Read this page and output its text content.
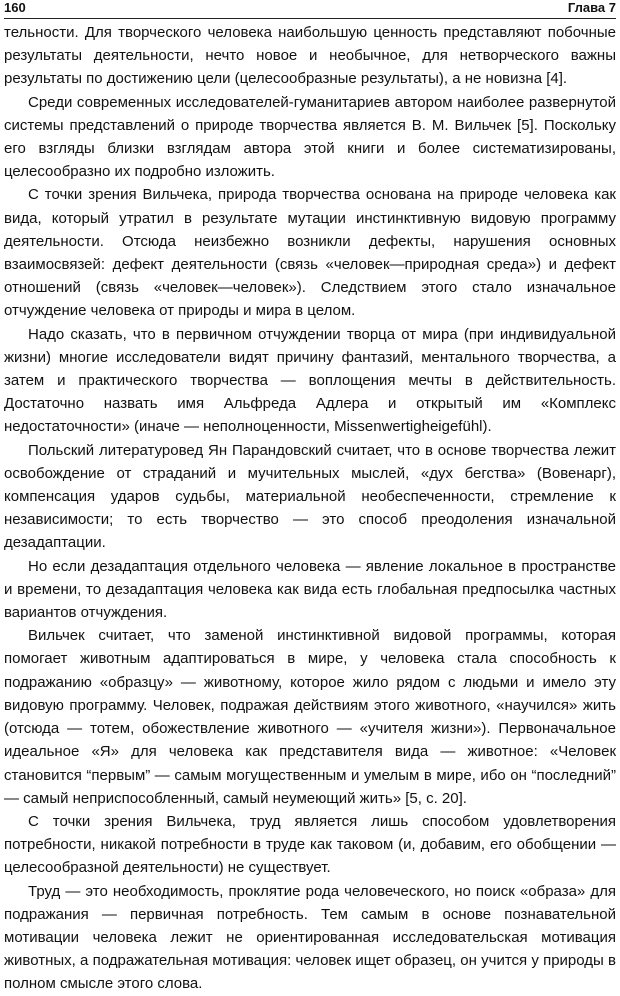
160	Глава 7

тельности. Для творческого человека наибольшую ценность представляют побочные результаты деятельности, нечто новое и необычное, для нетворческого важны результаты по достижению цели (целесообразные результаты), а не новизна [4].

Среди современных исследователей-гуманитариев автором наиболее развернутой системы представлений о природе творчества является В. М. Вильчек [5]. Поскольку его взгляды близки взглядам автора этой книги и более систематизированы, целесообразно их подробно изложить.

С точки зрения Вильчека, природа творчества основана на природе человека как вида, который утратил в результате мутации инстинктивную видовую программу деятельности. Отсюда неизбежно возникли дефекты, нарушения основных взаимосвязей: дефект деятельности (связь «человек—природная среда») и дефект отношений (связь «человек—человек»). Следствием этого стало изначальное отчуждение человека от природы и мира в целом.

Надо сказать, что в первичном отчуждении творца от мира (при индивидуальной жизни) многие исследователи видят причину фантазий, ментального творчества, а затем и практического творчества — воплощения мечты в действительность. Достаточно назвать имя Альфреда Адлера и открытый им «Комплекс недостаточности» (иначе — неполноценности, Missenwertigheigefühl).

Польский литературовед Ян Парандовский считает, что в основе творчества лежит освобождение от страданий и мучительных мыслей, «дух бегства» (Вовенарг), компенсация ударов судьбы, материальной необеспеченности, стремление к независимости; то есть творчество — это способ преодоления изначальной дезадаптации.

Но если дезадаптация отдельного человека — явление локальное в пространстве и времени, то дезадаптация человека как вида есть глобальная предпосылка частных вариантов отчуждения.

Вильчек считает, что заменой инстинктивной видовой программы, которая помогает животным адаптироваться в мире, у человека стала способность к подражанию «образцу» — животному, которое жило рядом с людьми и имело эту видовую программу. Человек, подражая действиям этого животного, «научился» жить (отсюда — тотем, обожествление животного — «учителя жизни»). Первоначальное идеальное «Я» для человека как представителя вида — животное: «Человек становится “первым” — самым могущественным и умелым в мире, ибо он “последний” — самый неприспособленный, самый неумеющий жить» [5, с. 20].

С точки зрения Вильчека, труд является лишь способом удовлетворения потребности, никакой потребности в труде как таковом (и, добавим, его обобщении — целесообразной деятельности) не существует.

Труд — это необходимость, проклятие рода человеческого, но поиск «образа» для подражания — первичная потребность. Тем самым в основе познавательной мотивации человека лежит не ориентированная исследовательская мотивация животных, а подражательная мотивация: человек ищет образец, он учится у природы в полном смысле этого слова.
